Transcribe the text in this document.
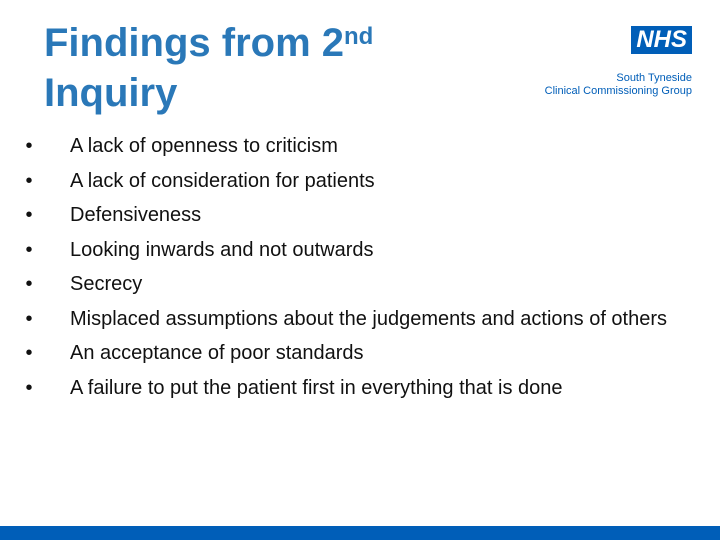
Findings from 2nd
Inquiry
NHS
South Tyneside
Clinical Commissioning Group
• A lack of openness to criticism
• A lack of consideration for patients
• Defensiveness
• Looking inwards and not outwards
• Secrecy
• Misplaced assumptions about the judgements and actions of others
• An acceptance of poor standards
• A failure to put the patient first in everything that is done
